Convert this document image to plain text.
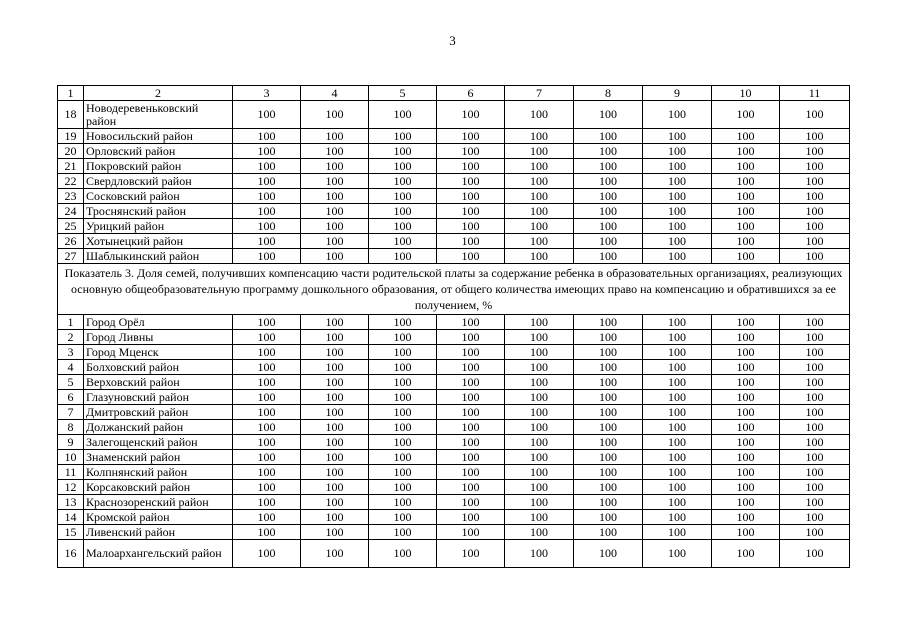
3
1	2	3	4	5	6	7	8	9	10	11
18	Новодеревеньковский район	100	100	100	100	100	100	100	100	100
19	Новосильский район	100	100	100	100	100	100	100	100	100
20	Орловский район	100	100	100	100	100	100	100	100	100
21	Покровский район	100	100	100	100	100	100	100	100	100
22	Свердловский район	100	100	100	100	100	100	100	100	100
23	Сосковский район	100	100	100	100	100	100	100	100	100
24	Троснянский район	100	100	100	100	100	100	100	100	100
25	Урицкий район	100	100	100	100	100	100	100	100	100
26	Хотынецкий район	100	100	100	100	100	100	100	100	100
27	Шаблыкинский район	100	100	100	100	100	100	100	100	100
Показатель 3. Доля семей, получивших компенсацию части родительской платы за содержание ребенка в образовательных организациях, реализующих основную общеобразовательную программу дошкольного образования, от общего количества имеющих право на компенсацию и обратившихся за ее получением, %										
1	Город Орёл	100	100	100	100	100	100	100	100	100
2	Город Ливны	100	100	100	100	100	100	100	100	100
3	Город Мценск	100	100	100	100	100	100	100	100	100
4	Болховский район	100	100	100	100	100	100	100	100	100
5	Верховский район	100	100	100	100	100	100	100	100	100
6	Глазуновский район	100	100	100	100	100	100	100	100	100
7	Дмитровский район	100	100	100	100	100	100	100	100	100
8	Должанский район	100	100	100	100	100	100	100	100	100
9	Залегощенский район	100	100	100	100	100	100	100	100	100
10	Знаменский район	100	100	100	100	100	100	100	100	100
11	Колпнянский район	100	100	100	100	100	100	100	100	100
12	Корсаковский район	100	100	100	100	100	100	100	100	100
13	Краснозоренский район	100	100	100	100	100	100	100	100	100
14	Кромской район	100	100	100	100	100	100	100	100	100
15	Ливенский район	100	100	100	100	100	100	100	100	100
16	Малоархангельский район	100	100	100	100	100	100	100	100	100
